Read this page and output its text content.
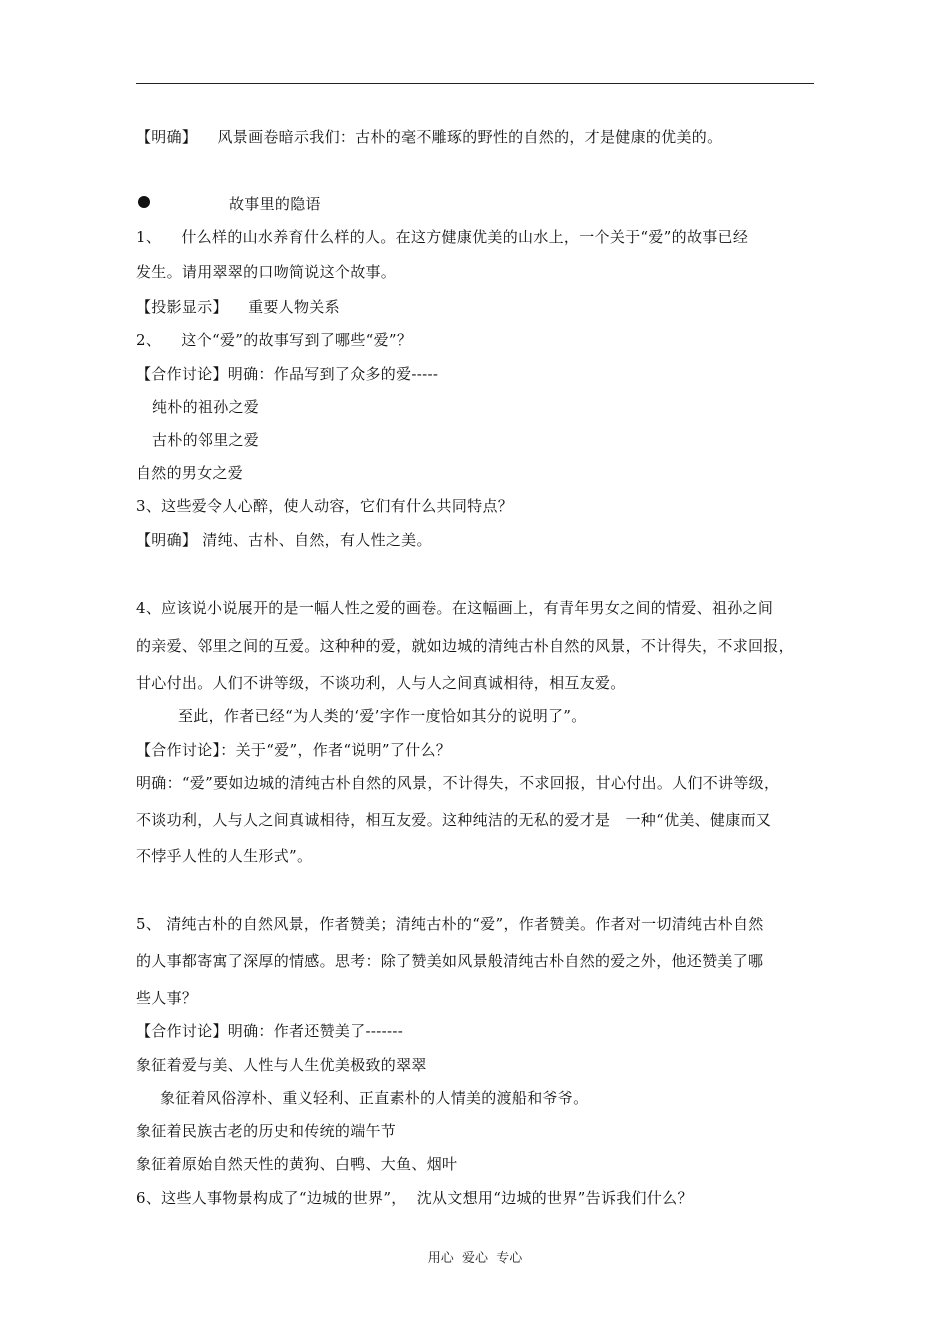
【明确】    风景画卷暗示我们：古朴的毫不雕琢的野性的自然的，才是健康的优美的。
故事里的隐语
1、    什么样的山水养育什么样的人。在这方健康优美的山水上，一个关于“爱”的故事已经
发生。请用翠翠的口吻简说这个故事。
【投影显示】    重要人物关系
2、    这个“爱”的故事写到了哪些“爱”？
【合作讨论】明确：作品写到了众多的爱-----
纯朴的祖孙之爱
古朴的邻里之爱
自然的男女之爱
3、这些爱令人心醉，使人动容，它们有什么共同特点？
【明确】 清纯、古朴、自然，有人性之美。
4、应该说小说展开的是一幅人性之爱的画卷。在这幅画上，有青年男女之间的情爱、祖孙之间
的亲爱、邻里之间的互爱。这种种的爱，就如边城的清纯古朴自然的风景，不计得失，不求回报，
甘心付出。人们不讲等级，不谈功利，人与人之间真诚相待，相互友爱。
至此，作者已经“为人类的‘爱’字作一度恰如其分的说明了”。
【合作讨论】：关于“爱”，作者“说明”了什么？
明确：“爱”要如边城的清纯古朴自然的风景，不计得失，不求回报，甘心付出。人们不讲等级，
不谈功利，人与人之间真诚相待，相互友爱。这种纯洁的无私的爱才是   一种“优美、健康而又
不悖乎人性的人生形式”。
5、 清纯古朴的自然风景，作者赞美；清纯古朴的“爱”，作者赞美。作者对一切清纯古朴自然
的人事都寄寓了深厚的情感。思考：除了赞美如风景般清纯古朴自然的爱之外，他还赞美了哪
些人事？
【合作讨论】明确：作者还赞美了-------
象征着爱与美、人性与人生优美极致的翠翠
象征着风俗淳朴、重义轻利、正直素朴的人情美的渡船和爷爷。
象征着民族古老的历史和传统的端午节
象征着原始自然天性的黄狗、白鸭、大鱼、烟叶
6、这些人事物景构成了“边城的世界”，  沈从文想用“边城的世界”告诉我们什么？
用心  爱心  专心
